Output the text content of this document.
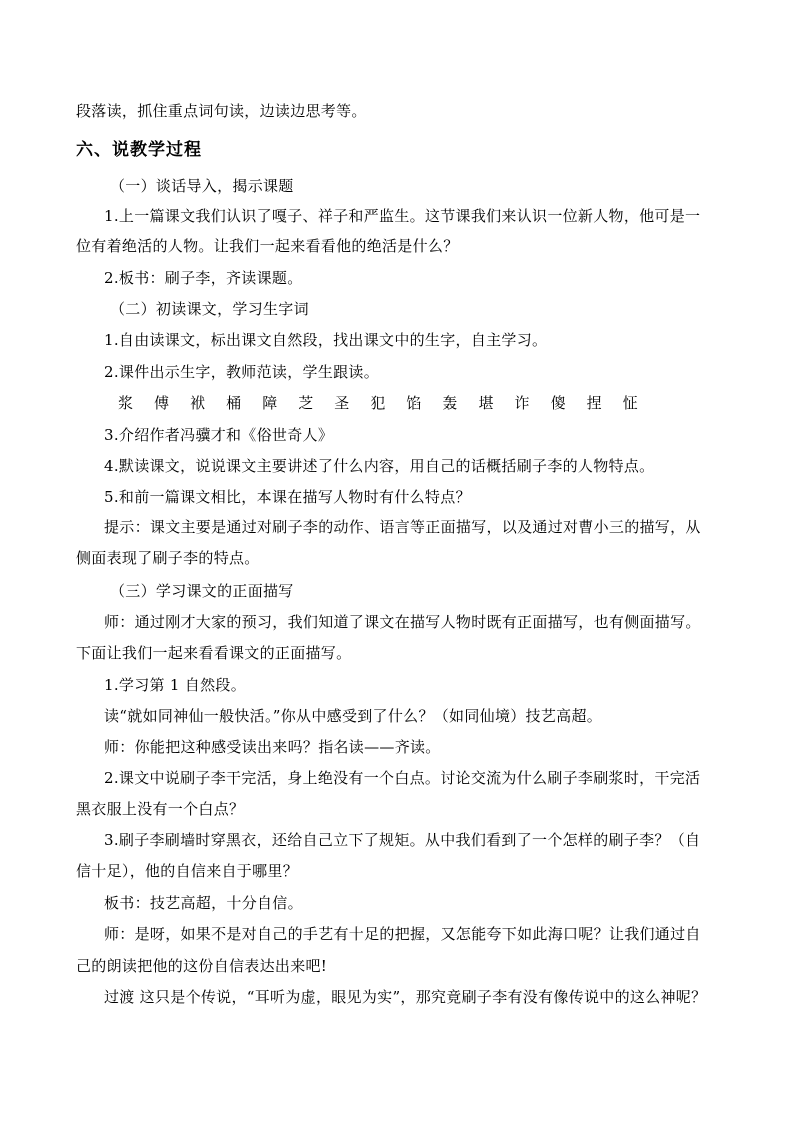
段落读，抓住重点词句读，边读边思考等。
六、说教学过程
（一）谈话导入，揭示课题
1.上一篇课文我们认识了嘎子、祥子和严监生。这节课我们来认识一位新人物，他可是一
位有着绝活的人物。让我们一起来看看他的绝活是什么？
2.板书：刷子李，齐读课题。
（二）初读课文，学习生字词
1.自由读课文，标出课文自然段，找出课文中的生字，自主学习。
2.课件出示生字，教师范读，学生跟读。
浆 傅 袱 桶 障 芝 圣 犯 馅 轰 堪 诈 傻 捏 怔
3.介绍作者冯骥才和《俗世奇人》
4.默读课文，说说课文主要讲述了什么内容，用自己的话概括刷子李的人物特点。
5.和前一篇课文相比，本课在描写人物时有什么特点？
提示：课文主要是通过对刷子李的动作、语言等正面描写，以及通过对曹小三的描写，从
侧面表现了刷子李的特点。
（三）学习课文的正面描写
师：通过刚才大家的预习，我们知道了课文在描写人物时既有正面描写，也有侧面描写。
下面让我们一起来看看课文的正面描写。
1.学习第 1 自然段。
读“就如同神仙一般快活。”你从中感受到了什么？（如同仙境）技艺高超。
师：你能把这种感受读出来吗？指名读——齐读。
2.课文中说刷子李干完活，身上绝没有一个白点。讨论交流为什么刷子李刷浆时，干完活
黑衣服上没有一个白点？
3.刷子李刷墙时穿黑衣，还给自己立下了规矩。从中我们看到了一个怎样的刷子李？（自
信十足），他的自信来自于哪里？
板书：技艺高超，十分自信。
师：是呀，如果不是对自己的手艺有十足的把握，又怎能夸下如此海口呢？让我们通过自
己的朗读把他的这份自信表达出来吧!
过渡 这只是个传说，“耳听为虚，眼见为实”，那究竟刷子李有没有像传说中的这么神呢？
